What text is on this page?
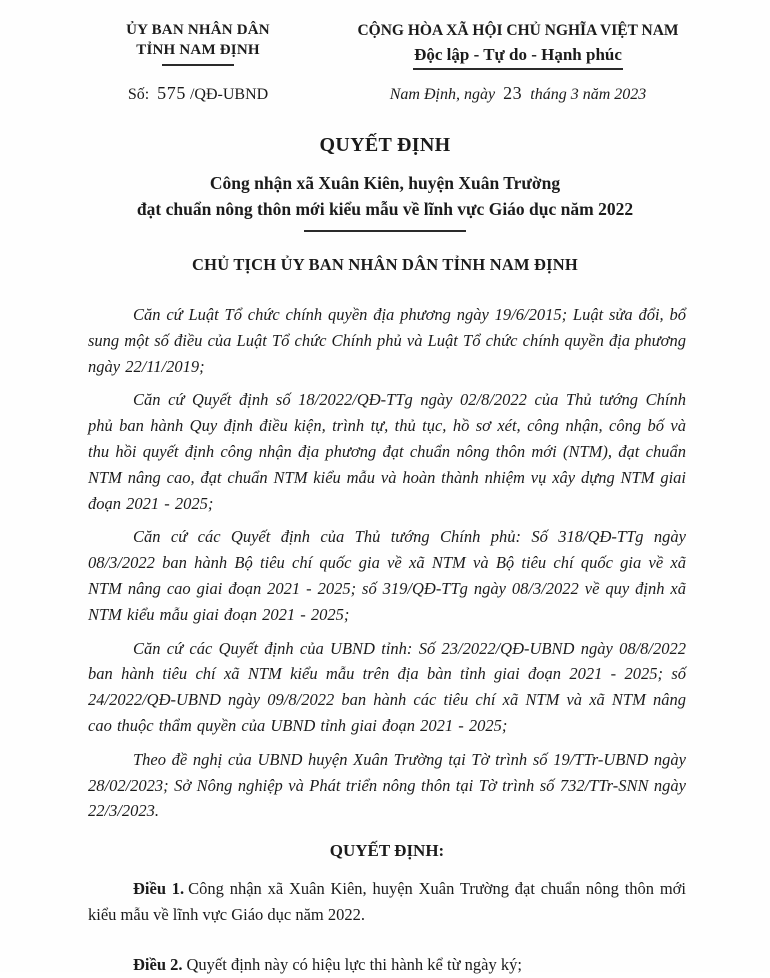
ỦY BAN NHÂN DÂN
TỈNH NAM ĐỊNH
Số: 575 /QĐ-UBND
CỘNG HÒA XÃ HỘI CHỦ NGHĨA VIỆT NAM
Độc lập - Tự do - Hạnh phúc
Nam Định, ngày 23 tháng 3 năm 2023
QUYẾT ĐỊNH
Công nhận xã Xuân Kiên, huyện Xuân Trường
đạt chuẩn nông thôn mới kiểu mẫu về lĩnh vực Giáo dục năm 2022
CHỦ TỊCH ỦY BAN NHÂN DÂN TỈNH NAM ĐỊNH

Căn cứ Luật Tổ chức chính quyền địa phương ngày 19/6/2015; Luật sửa đổi, bổ sung một số điều của Luật Tổ chức Chính phủ và Luật Tổ chức chính quyền địa phương ngày 22/11/2019;

Căn cứ Quyết định số 18/2022/QĐ-TTg ngày 02/8/2022 của Thủ tướng Chính phủ ban hành Quy định điều kiện, trình tự, thủ tục, hồ sơ xét, công nhận, công bố và thu hồi quyết định công nhận địa phương đạt chuẩn nông thôn mới (NTM), đạt chuẩn NTM nâng cao, đạt chuẩn NTM kiểu mẫu và hoàn thành nhiệm vụ xây dựng NTM giai đoạn 2021 - 2025;

Căn cứ các Quyết định của Thủ tướng Chính phủ: Số 318/QĐ-TTg ngày 08/3/2022 ban hành Bộ tiêu chí quốc gia về xã NTM và Bộ tiêu chí quốc gia về xã NTM nâng cao giai đoạn 2021 - 2025; số 319/QĐ-TTg ngày 08/3/2022 về quy định xã NTM kiểu mẫu giai đoạn 2021 - 2025;

Căn cứ các Quyết định của UBND tỉnh: Số 23/2022/QĐ-UBND ngày 08/8/2022 ban hành tiêu chí xã NTM kiểu mẫu trên địa bàn tỉnh giai đoạn 2021 - 2025; số 24/2022/QĐ-UBND ngày 09/8/2022 ban hành các tiêu chí xã NTM và xã NTM nâng cao thuộc thẩm quyền của UBND tỉnh giai đoạn 2021 - 2025;

Theo đề nghị của UBND huyện Xuân Trường tại Tờ trình số 19/TTr-UBND ngày 28/02/2023; Sở Nông nghiệp và Phát triển nông thôn tại Tờ trình số 732/TTr-SNN ngày 22/3/2023.

QUYẾT ĐỊNH:

Điều 1. Công nhận xã Xuân Kiên, huyện Xuân Trường đạt chuẩn nông thôn mới kiểu mẫu về lĩnh vực Giáo dục năm 2022.

Điều 2. Quyết định này có hiệu lực thi hành kể từ ngày ký;
